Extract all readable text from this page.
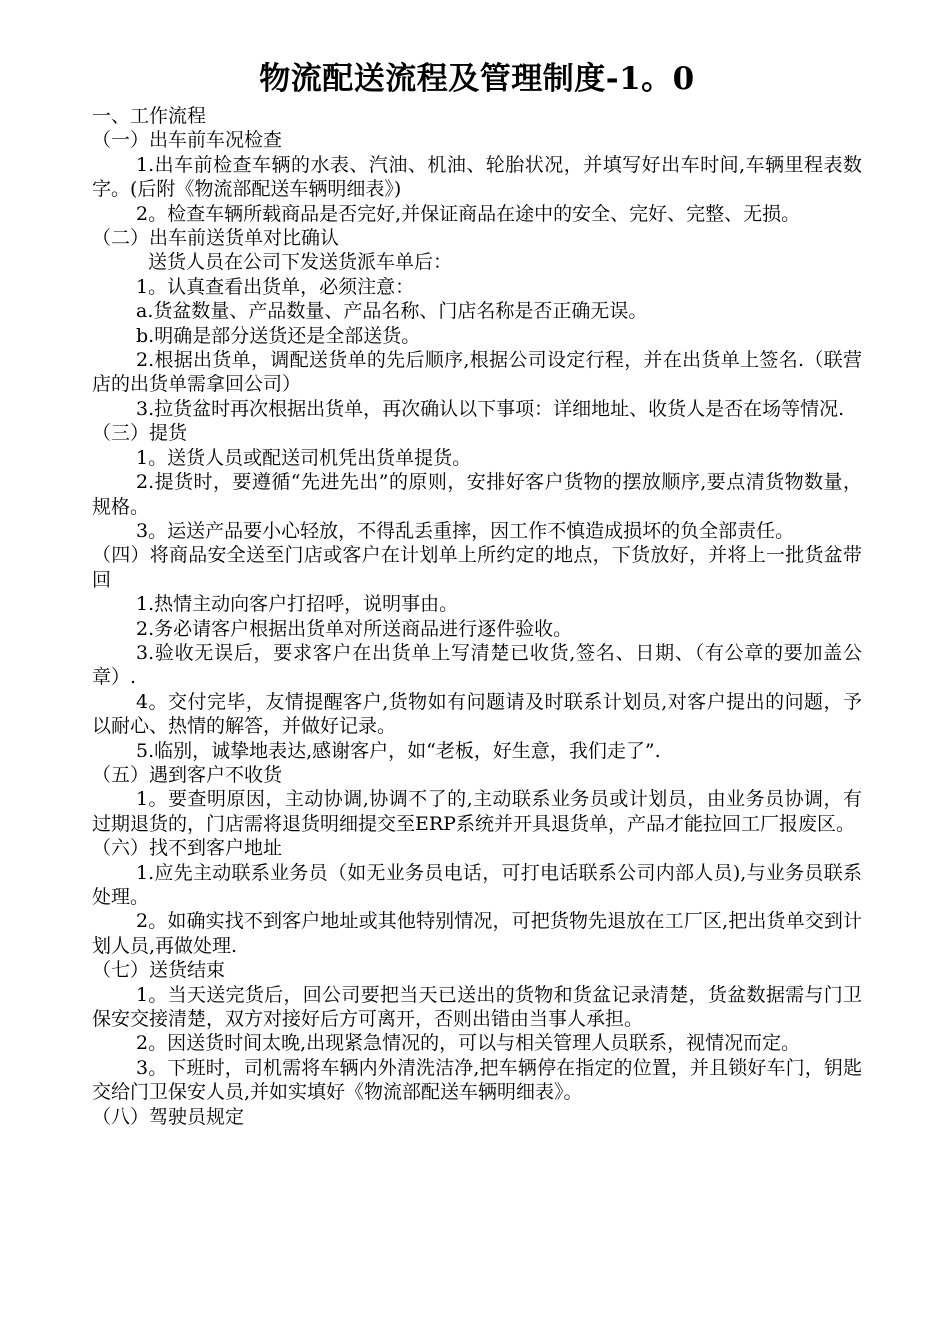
物流配送流程及管理制度-1。0

一、工作流程

（一）出车前车况检查

1.出车前检查车辆的水表、汽油、机油、轮胎状况，并填写好出车时间,车辆里程表数字。(后附《物流部配送车辆明细表》)

2。检查车辆所载商品是否完好,并保证商品在途中的安全、完好、完整、无损。

（二）出车前送货单对比确认

送货人员在公司下发送货派车单后：

1。认真查看出货单，必须注意：

a.货盆数量、产品数量、产品名称、门店名称是否正确无误。

b.明确是部分送货还是全部送货。

2.根据出货单，调配送货单的先后顺序,根据公司设定行程，并在出货单上签名.（联营店的出货单需拿回公司）

3.拉货盆时再次根据出货单，再次确认以下事项：详细地址、收货人是否在场等情况.

（三）提货

1。送货人员或配送司机凭出货单提货。

2.提货时，要遵循“先进先出”的原则，安排好客户货物的摆放顺序,要点清货物数量，规格。

3。运送产品要小心轻放，不得乱丢重摔，因工作不慎造成损坏的负全部责任。

（四）将商品安全送至门店或客户在计划单上所约定的地点，下货放好，并将上一批货盆带回

1.热情主动向客户打招呼，说明事由。

2.务必请客户根据出货单对所送商品进行逐件验收。

3.验收无误后，要求客户在出货单上写清楚已收货,签名、日期、（有公章的要加盖公章）.

4。交付完毕，友情提醒客户,货物如有问题请及时联系计划员,对客户提出的问题，予以耐心、热情的解答，并做好记录。

5.临别，诚挚地表达,感谢客户，如“老板，好生意，我们走了”.

（五）遇到客户不收货

1。要查明原因，主动协调,协调不了的,主动联系业务员或计划员，由业务员协调，有过期退货的，门店需将退货明细提交至ERP系统并开具退货单，产品才能拉回工厂报废区。

（六）找不到客户地址

1.应先主动联系业务员（如无业务员电话，可打电话联系公司内部人员),与业务员联系处理。

2。如确实找不到客户地址或其他特别情况，可把货物先退放在工厂区,把出货单交到计划人员,再做处理.

（七）送货结束

1。当天送完货后，回公司要把当天已送出的货物和货盆记录清楚，货盆数据需与门卫保安交接清楚，双方对接好后方可离开，否则出错由当事人承担。

2。因送货时间太晚,出现紧急情况的，可以与相关管理人员联系，视情况而定。

3。下班时，司机需将车辆内外清洗洁净,把车辆停在指定的位置，并且锁好车门，钥匙交给门卫保安人员,并如实填好《物流部配送车辆明细表》。

（八）驾驶员规定
